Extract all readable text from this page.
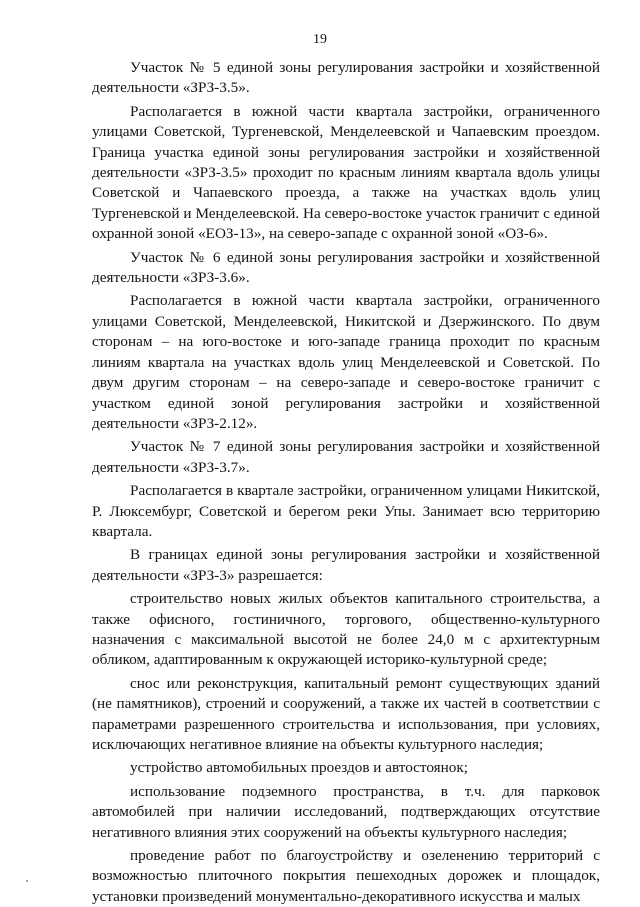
19

Участок № 5 единой зоны регулирования застройки и хозяйственной деятельности «ЗРЗ-3.5».

Располагается в южной части квартала застройки, ограниченного улицами Советской, Тургеневской, Менделеевской и Чапаевским проездом. Граница участка единой зоны регулирования застройки и хозяйственной деятельности «ЗРЗ-3.5» проходит по красным линиям квартала вдоль улицы Советской и Чапаевского проезда, а также на участках вдоль улиц Тургеневской и Менделеевской. На северо-востоке участок граничит с единой охранной зоной «ЕОЗ-13», на северо-западе с охранной зоной «ОЗ-6».

Участок № 6 единой зоны регулирования застройки и хозяйственной деятельности «ЗРЗ-3.6».

Располагается в южной части квартала застройки, ограниченного улицами Советской, Менделеевской, Никитской и Дзержинского. По двум сторонам – на юго-востоке и юго-западе граница проходит по красным линиям квартала на участках вдоль улиц Менделеевской и Советской. По двум другим сторонам – на северо-западе и северо-востоке граничит с участком единой зоной регулирования застройки и хозяйственной деятельности «ЗРЗ-2.12».

Участок № 7 единой зоны регулирования застройки и хозяйственной деятельности «ЗРЗ-3.7».

Располагается в квартале застройки, ограниченном улицами Никитской, Р. Люксембург, Советской и берегом реки Упы. Занимает всю территорию квартала.

В границах единой зоны регулирования застройки и хозяйственной деятельности «ЗРЗ-3» разрешается:

строительство новых жилых объектов капитального строительства, а также офисного, гостиничного, торгового, общественно-культурного назначения с максимальной высотой не более 24,0 м с архитектурным обликом, адаптированным к окружающей историко-культурной среде;

снос или реконструкция, капитальный ремонт существующих зданий (не памятников), строений и сооружений, а также их частей в соответствии с параметрами разрешенного строительства и использования, при условиях, исключающих негативное влияние на объекты культурного наследия;

устройство автомобильных проездов и автостоянок;

использование подземного пространства, в т.ч. для парковок автомобилей при наличии исследований, подтверждающих отсутствие негативного влияния этих сооружений на объекты культурного наследия;

проведение работ по благоустройству и озеленению территорий с возможностью плиточного покрытия пешеходных дорожек и площадок, установки произведений монументально-декоративного искусства и малых
